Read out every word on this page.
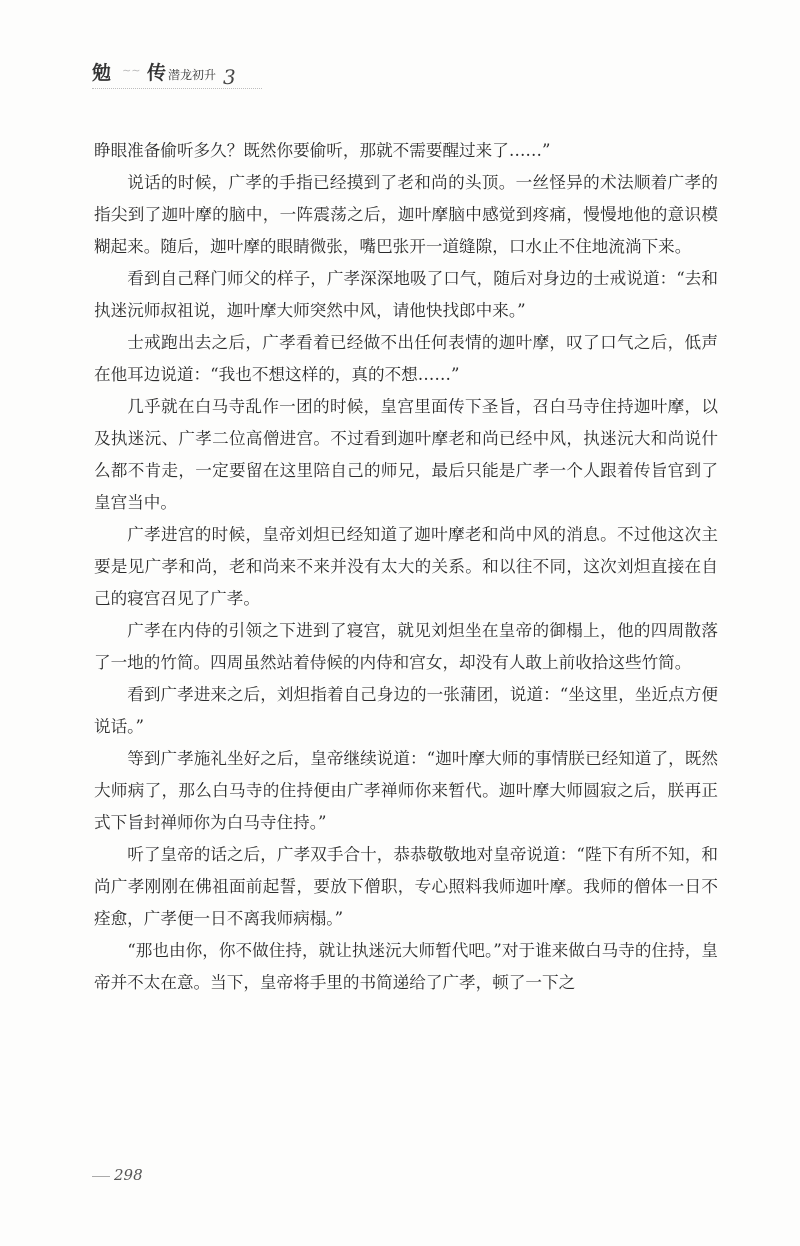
勉 ∼∼ 传 潜龙初升 3

睁眼准备偷听多久？既然你要偷听，那就不需要醒过来了……”

说话的时候，广孝的手指已经摸到了老和尚的头顶。一丝怪异的术法顺着广孝的指尖到了迦叶摩的脑中，一阵震荡之后，迦叶摩脑中感觉到疼痛，慢慢地他的意识模糊起来。随后，迦叶摩的眼睛微张，嘴巴张开一道缝隙，口水止不住地流淌下来。

看到自己释门师父的样子，广孝深深地吸了口气，随后对身边的士戒说道：“去和执迷沅师叔祖说，迦叶摩大师突然中风，请他快找郎中来。”

士戒跑出去之后，广孝看着已经做不出任何表情的迦叶摩，叹了口气之后，低声在他耳边说道：“我也不想这样的，真的不想……”

几乎就在白马寺乱作一团的时候，皇宫里面传下圣旨，召白马寺住持迦叶摩，以及执迷沅、广孝二位高僧进宫。不过看到迦叶摩老和尚已经中风，执迷沅大和尚说什么都不肯走，一定要留在这里陪自己的师兄，最后只能是广孝一个人跟着传旨官到了皇宫当中。

广孝进宫的时候，皇帝刘炟已经知道了迦叶摩老和尚中风的消息。不过他这次主要是见广孝和尚，老和尚来不来并没有太大的关系。和以往不同，这次刘炟直接在自己的寝宫召见了广孝。

广孝在内侍的引领之下进到了寝宫，就见刘炟坐在皇帝的御榻上，他的四周散落了一地的竹简。四周虽然站着侍候的内侍和宫女，却没有人敢上前收拾这些竹简。

看到广孝进来之后，刘炟指着自己身边的一张蒲团，说道：“坐这里，坐近点方便说话。”

等到广孝施礼坐好之后，皇帝继续说道：“迦叶摩大师的事情朕已经知道了，既然大师病了，那么白马寺的住持便由广孝禅师你来暂代。迦叶摩大师圆寂之后，朕再正式下旨封禅师你为白马寺住持。”

听了皇帝的话之后，广孝双手合十，恭恭敬敬地对皇帝说道：“陛下有所不知，和尚广孝刚刚在佛祖面前起誓，要放下僧职，专心照料我师迦叶摩。我师的僧体一日不痊愈，广孝便一日不离我师病榻。”

“那也由你，你不做住持，就让执迷沅大师暂代吧。”对于谁来做白马寺的住持，皇帝并不太在意。当下，皇帝将手里的书简递给了广孝，顿了一下之

298
